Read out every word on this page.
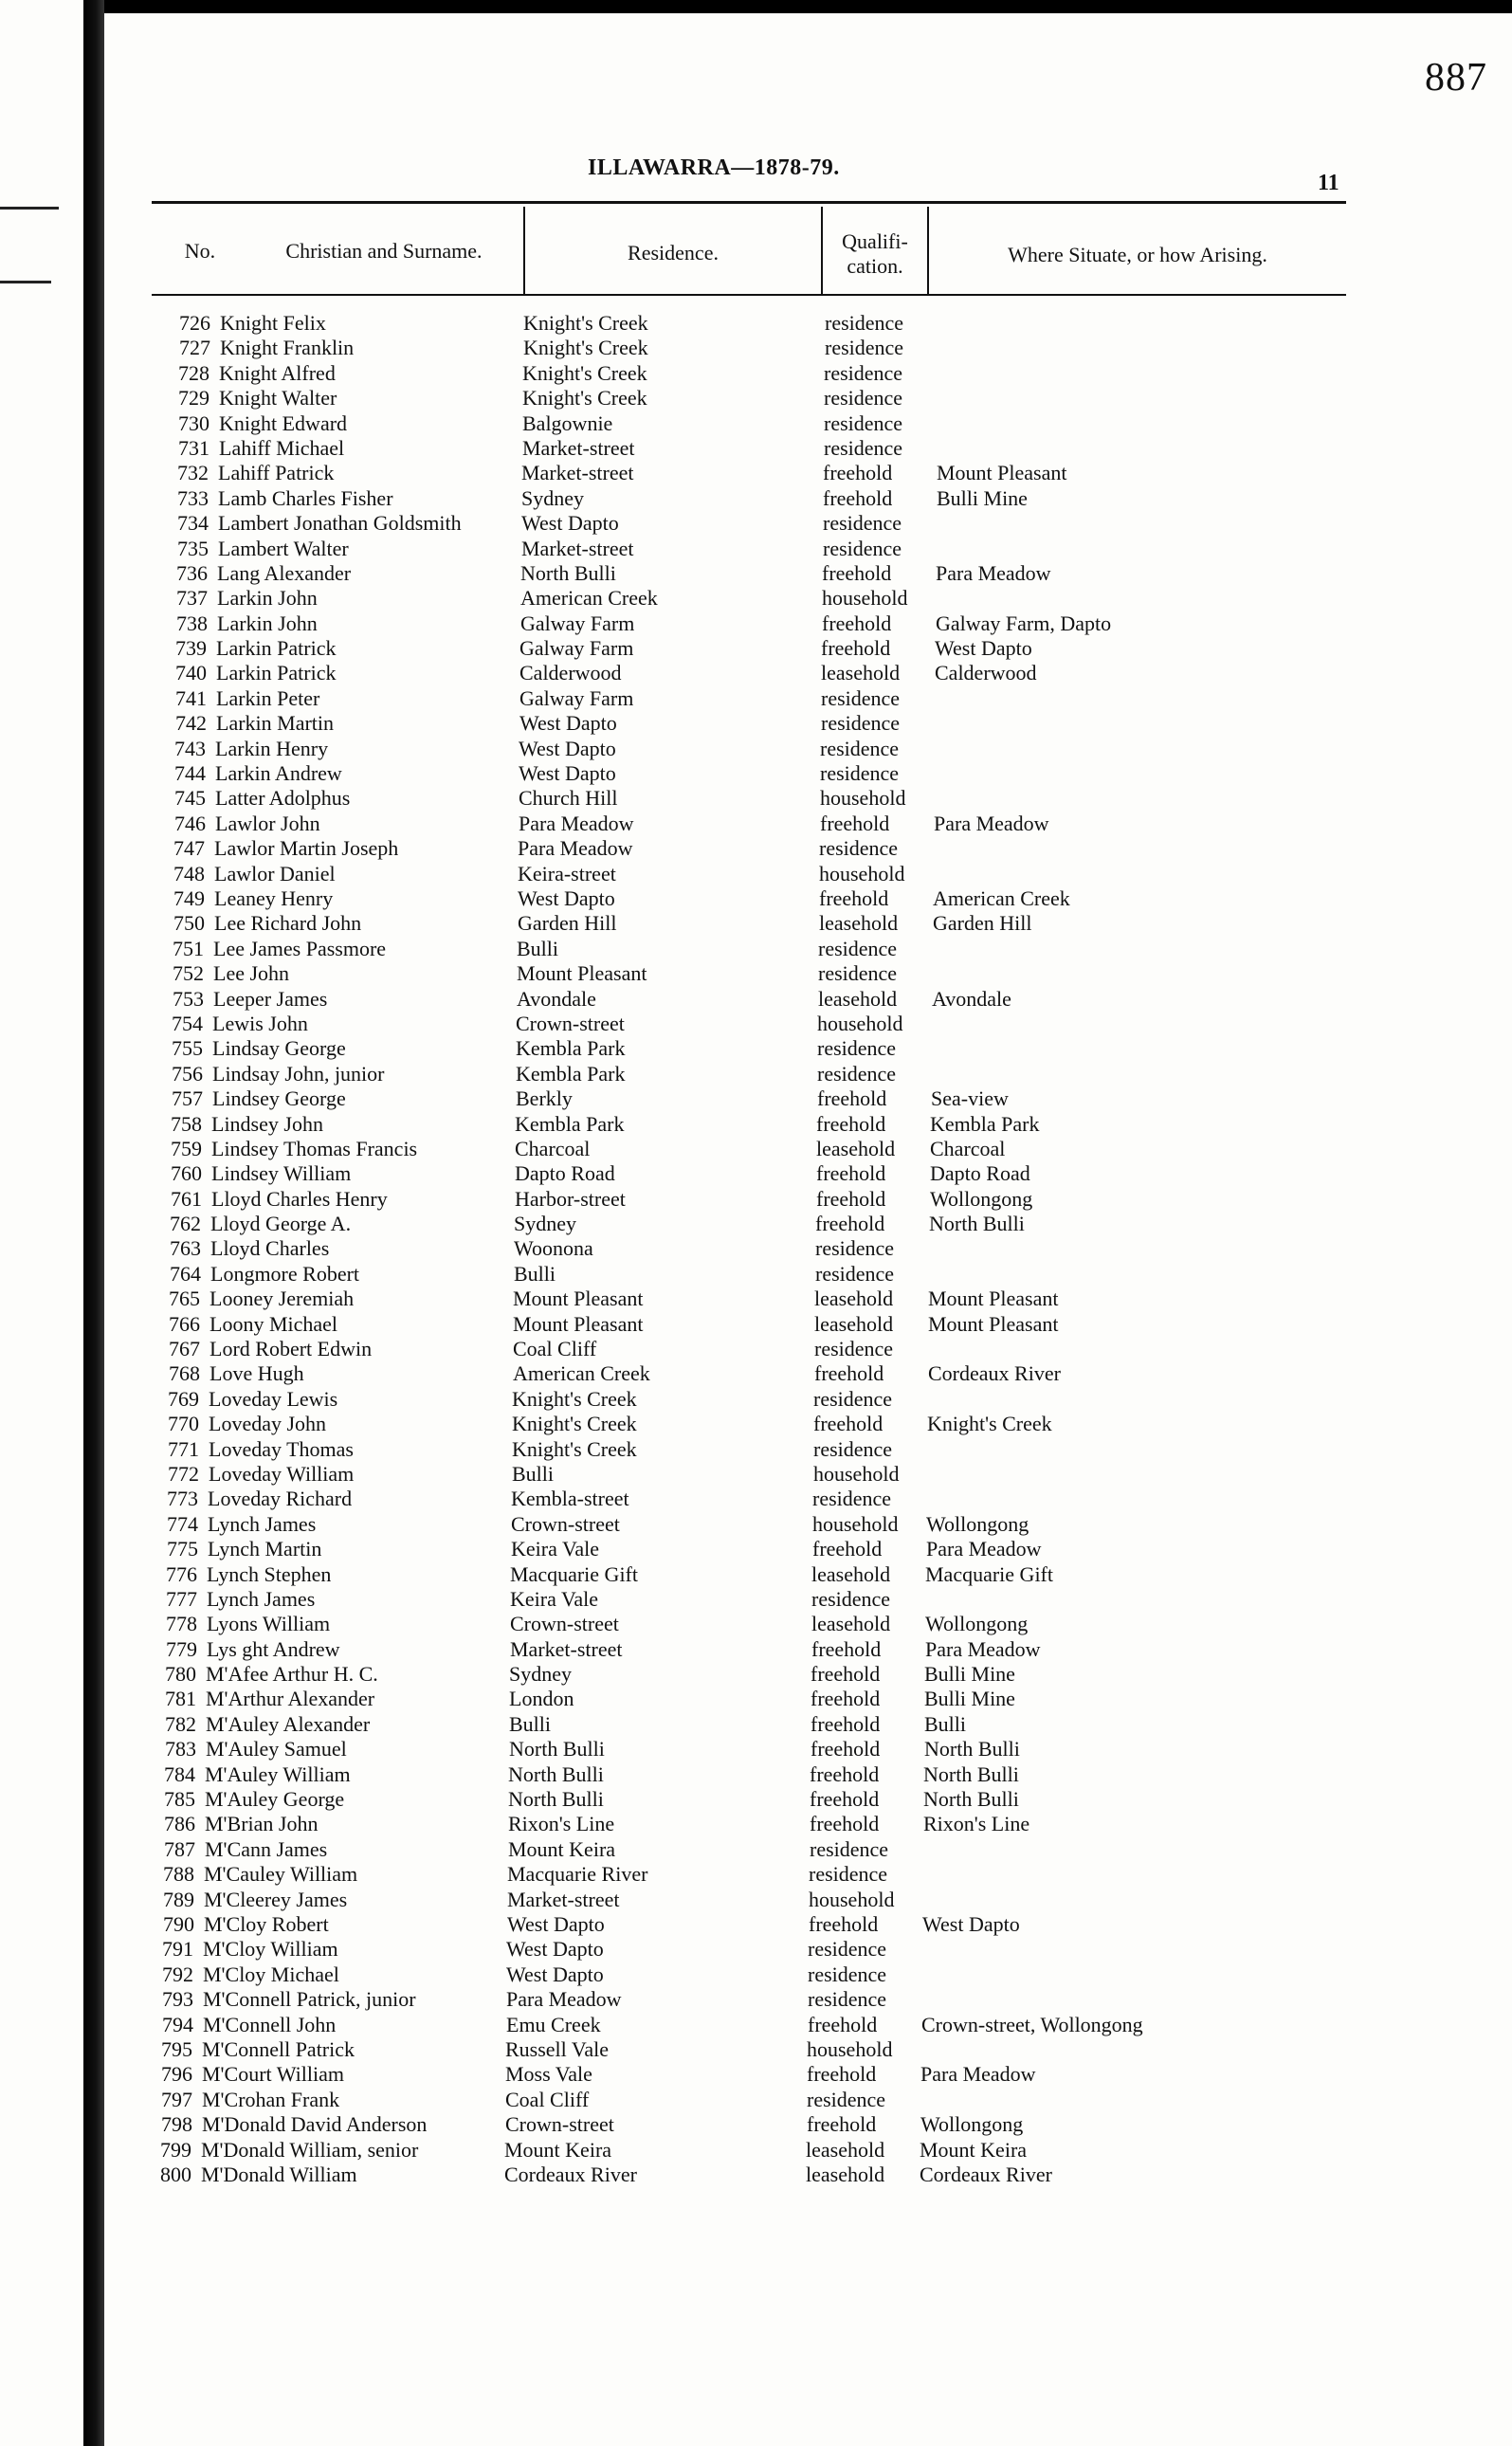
887
ILLAWARRA—1878-79.
11
No.	Christian and Surname.	Residence.	Qualifi-
cation.	Where Situate, or how Arising.
726 Knight Felix	Knight's Creek	residence
727 Knight Franklin	Knight's Creek	residence
728 Knight Alfred	Knight's Creek	residence
729 Knight Walter	Knight's Creek	residence
730 Knight Edward	Balgownie	residence
731 Lahiff Michael	Market-street	residence
732 Lahiff Patrick	Market-street	freehold Mount Pleasant
733 Lamb Charles Fisher	Sydney	freehold Bulli Mine
734 Lambert Jonathan Goldsmith	West Dapto	residence
735 Lambert Walter	Market-street	residence
736 Lang Alexander	North Bulli	freehold Para Meadow
737 Larkin John	American Creek	household
738 Larkin John	Galway Farm	freehold Galway Farm, Dapto
739 Larkin Patrick	Galway Farm	freehold West Dapto
740 Larkin Patrick	Calderwood	leasehold Calderwood
741 Larkin Peter	Galway Farm	residence
742 Larkin Martin	West Dapto	residence
743 Larkin Henry	West Dapto	residence
744 Larkin Andrew	West Dapto	residence
745 Latter Adolphus	Church Hill	household
746 Lawlor John	Para Meadow	freehold Para Meadow
747 Lawlor Martin Joseph	Para Meadow	residence
748 Lawlor Daniel	Keira-street	household
749 Leaney Henry	West Dapto	freehold American Creek
750 Lee Richard John	Garden Hill	leasehold Garden Hill
751 Lee James Passmore	Bulli	residence
752 Lee John	Mount Pleasant	residence
753 Leeper James	Avondale	leasehold Avondale
754 Lewis John	Crown-street	household
755 Lindsay George	Kembla Park	residence
756 Lindsay John, junior	Kembla Park	residence
757 Lindsey George	Berkly	freehold Sea-view
758 Lindsey John	Kembla Park	freehold Kembla Park
759 Lindsey Thomas Francis	Charcoal	leasehold Charcoal
760 Lindsey William	Dapto Road	freehold Dapto Road
761 Lloyd Charles Henry	Harbor-street	freehold Wollongong
762 Lloyd George A.	Sydney	freehold North Bulli
763 Lloyd Charles	Woonona	residence
764 Longmore Robert	Bulli	residence
765 Looney Jeremiah	Mount Pleasant	leasehold Mount Pleasant
766 Loony Michael	Mount Pleasant	leasehold Mount Pleasant
767 Lord Robert Edwin	Coal Cliff	residence
768 Love Hugh	American Creek	freehold Cordeaux River
769 Loveday Lewis	Knight's Creek	residence
770 Loveday John	Knight's Creek	freehold Knight's Creek
771 Loveday Thomas	Knight's Creek	residence
772 Loveday William	Bulli	household
773 Loveday Richard	Kembla-street	residence
774 Lynch James	Crown-street	household Wollongong
775 Lynch Martin	Keira Vale	freehold Para Meadow
776 Lynch Stephen	Macquarie Gift	leasehold Macquarie Gift
777 Lynch James	Keira Vale	residence
778 Lyons William	Crown-street	leasehold Wollongong
779 Lys ght Andrew	Market-street	freehold Para Meadow
780 M'Afee Arthur H. C.	Sydney	freehold Bulli Mine
781 M'Arthur Alexander	London	freehold Bulli Mine
782 M'Auley Alexander	Bulli	freehold Bulli
783 M'Auley Samuel	North Bulli	freehold North Bulli
784 M'Auley William	North Bulli	freehold North Bulli
785 M'Auley George	North Bulli	freehold North Bulli
786 M'Brian John	Rixon's Line	freehold Rixon's Line
787 M'Cann James	Mount Keira	residence
788 M'Cauley William	Macquarie River	residence
789 M'Cleerey James	Market-street	household
790 M'Cloy Robert	West Dapto	freehold West Dapto
791 M'Cloy William	West Dapto	residence
792 M'Cloy Michael	West Dapto	residence
793 M'Connell Patrick, junior	Para Meadow	residence
794 M'Connell John	Emu Creek	freehold Crown-street, Wollongong
795 M'Connell Patrick	Russell Vale	household
796 M'Court William	Moss Vale	freehold Para Meadow
797 M'Crohan Frank	Coal Cliff	residence
798 M'Donald David Anderson	Crown-street	freehold Wollongong
799 M'Donald William, senior	Mount Keira	leasehold Mount Keira
800 M'Donald William	Cordeaux River	leasehold Cordeaux River
